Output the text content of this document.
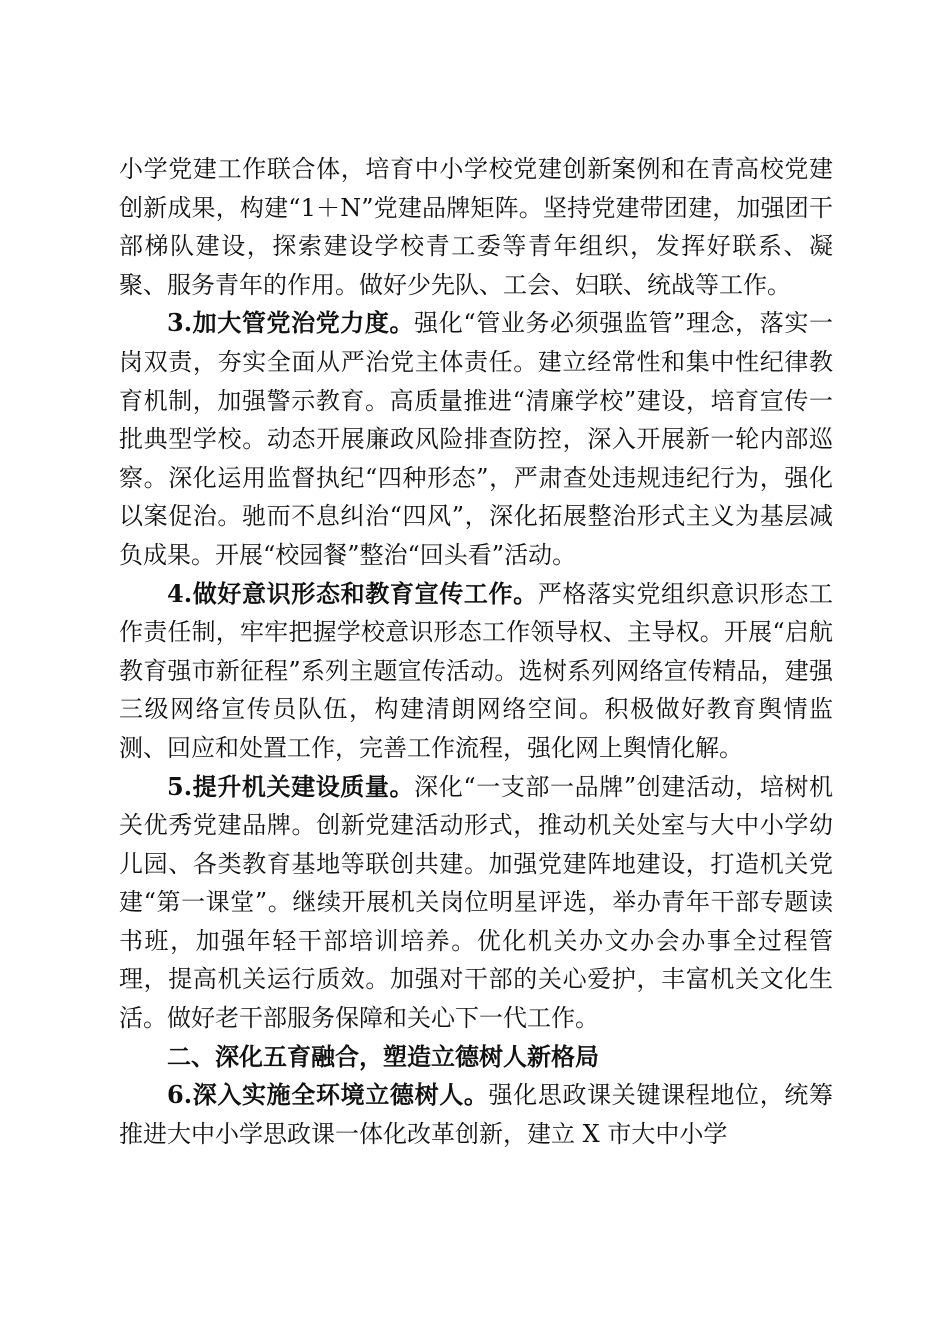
小学党建工作联合体，培育中小学校党建创新案例和在青高校党建创新成果，构建“1＋N”党建品牌矩阵。坚持党建带团建，加强团干部梯队建设，探索建设学校青工委等青年组织，发挥好联系、凝聚、服务青年的作用。做好少先队、工会、妇联、统战等工作。

3.加大管党治党力度。强化“管业务必须强监管”理念，落实一岗双责，夯实全面从严治党主体责任。建立经常性和集中性纪律教育机制，加强警示教育。高质量推进“清廉学校”建设，培育宣传一批典型学校。动态开展廉政风险排查防控，深入开展新一轮内部巡察。深化运用监督执纪“四种形态”，严肃查处违规违纪行为，强化以案促治。驰而不息纠治“四风”，深化拓展整治形式主义为基层减负成果。开展“校园餐”整治“回头看”活动。

4.做好意识形态和教育宣传工作。严格落实党组织意识形态工作责任制，牢牢把握学校意识形态工作领导权、主导权。开展“启航教育强市新征程”系列主题宣传活动。选树系列网络宣传精品，建强三级网络宣传员队伍，构建清朗网络空间。积极做好教育舆情监测、回应和处置工作，完善工作流程，强化网上舆情化解。

5.提升机关建设质量。深化“一支部一品牌”创建活动，培树机关优秀党建品牌。创新党建活动形式，推动机关处室与大中小学幼儿园、各类教育基地等联创共建。加强党建阵地建设，打造机关党建“第一课堂”。继续开展机关岗位明星评选，举办青年干部专题读书班，加强年轻干部培训培养。优化机关办文办会办事全过程管理，提高机关运行质效。加强对干部的关心爱护，丰富机关文化生活。做好老干部服务保障和关心下一代工作。

二、深化五育融合，塑造立德树人新格局

6.深入实施全环境立德树人。强化思政课关键课程地位，统筹推进大中小学思政课一体化改革创新，建立 X 市大中小学
